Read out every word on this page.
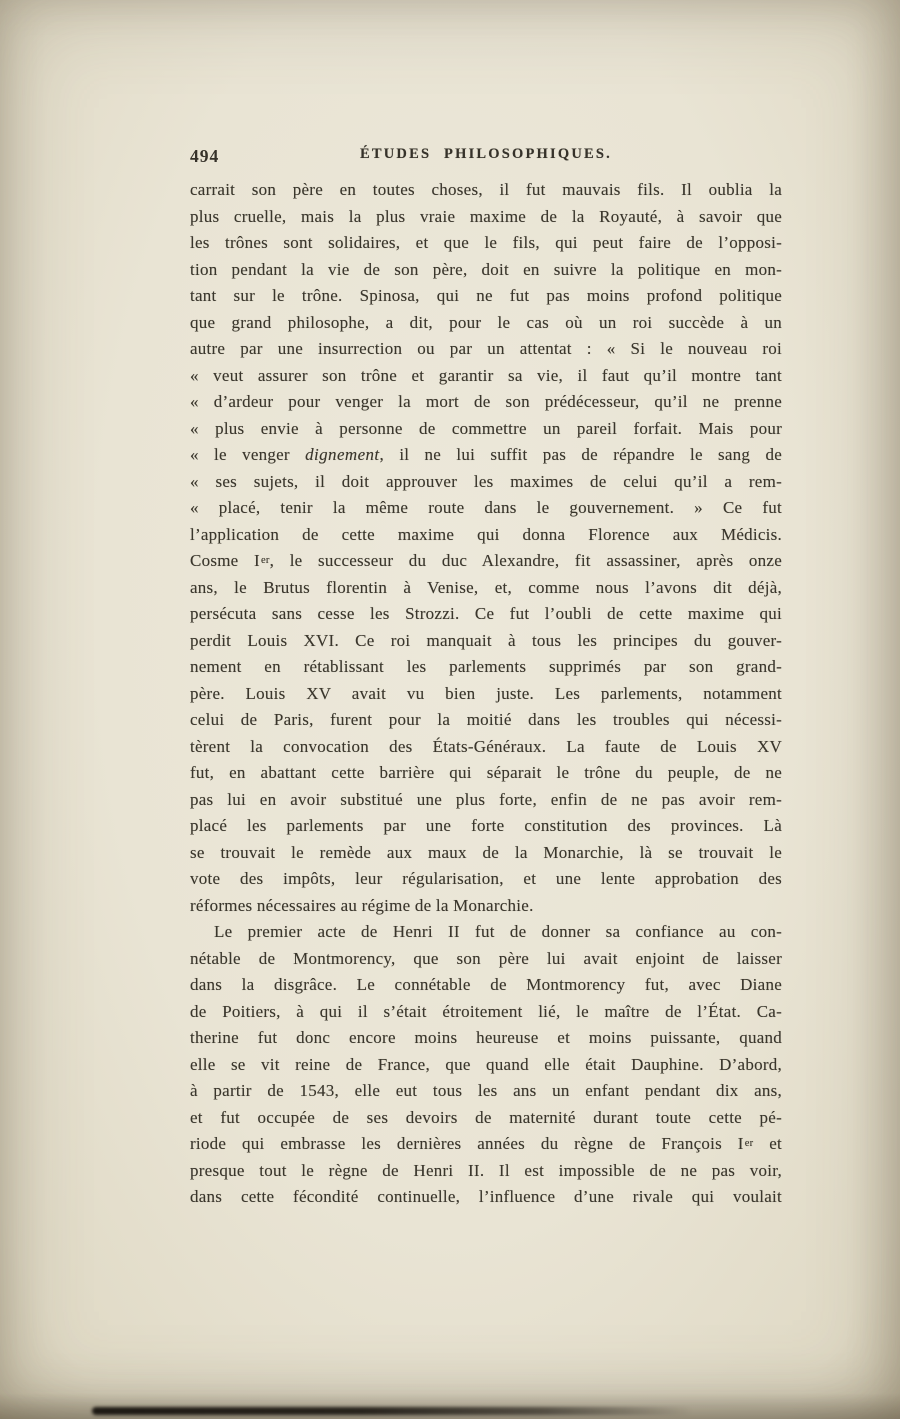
494	ÉTUDES PHILOSOPHIQUES.
carrait son père en toutes choses, il fut mauvais fils. Il oublia la
plus cruelle, mais la plus vraie maxime de la Royauté, à savoir que
les trônes sont solidaires, et que le fils, qui peut faire de l’opposi-
tion pendant la vie de son père, doit en suivre la politique en mon-
tant sur le trône. Spinosa, qui ne fut pas moins profond politique
que grand philosophe, a dit, pour le cas où un roi succède à un
autre par une insurrection ou par un attentat : « Si le nouveau roi
« veut assurer son trône et garantir sa vie, il faut qu’il montre tant
« d’ardeur pour venger la mort de son prédécesseur, qu’il ne prenne
« plus envie à personne de commettre un pareil forfait. Mais pour
« le venger dignement, il ne lui suffit pas de répandre le sang de
« ses sujets, il doit approuver les maximes de celui qu’il a rem-
« placé, tenir la même route dans le gouvernement. » Ce fut
l’application de cette maxime qui donna Florence aux Médicis.
Cosme Ier, le successeur du duc Alexandre, fit assassiner, après onze
ans, le Brutus florentin à Venise, et, comme nous l’avons dit déjà,
persécuta sans cesse les Strozzi. Ce fut l’oubli de cette maxime qui
perdit Louis XVI. Ce roi manquait à tous les principes du gouver-
nement en rétablissant les parlements supprimés par son grand-
père. Louis XV avait vu bien juste. Les parlements, notamment
celui de Paris, furent pour la moitié dans les troubles qui nécessi-
tèrent la convocation des États-Généraux. La faute de Louis XV
fut, en abattant cette barrière qui séparait le trône du peuple, de ne
pas lui en avoir substitué une plus forte, enfin de ne pas avoir rem-
placé les parlements par une forte constitution des provinces. Là
se trouvait le remède aux maux de la Monarchie, là se trouvait le
vote des impôts, leur régularisation, et une lente approbation des
réformes nécessaires au régime de la Monarchie.
Le premier acte de Henri II fut de donner sa confiance au con-
nétable de Montmorency, que son père lui avait enjoint de laisser
dans la disgrâce. Le connétable de Montmorency fut, avec Diane
de Poitiers, à qui il s’était étroitement lié, le maître de l’État. Ca-
therine fut donc encore moins heureuse et moins puissante, quand
elle se vit reine de France, que quand elle était Dauphine. D’abord,
à partir de 1543, elle eut tous les ans un enfant pendant dix ans,
et fut occupée de ses devoirs de maternité durant toute cette pé-
riode qui embrasse les dernières années du règne de François Ier et
presque tout le règne de Henri II. Il est impossible de ne pas voir,
dans cette fécondité continuelle, l’influence d’une rivale qui voulait
